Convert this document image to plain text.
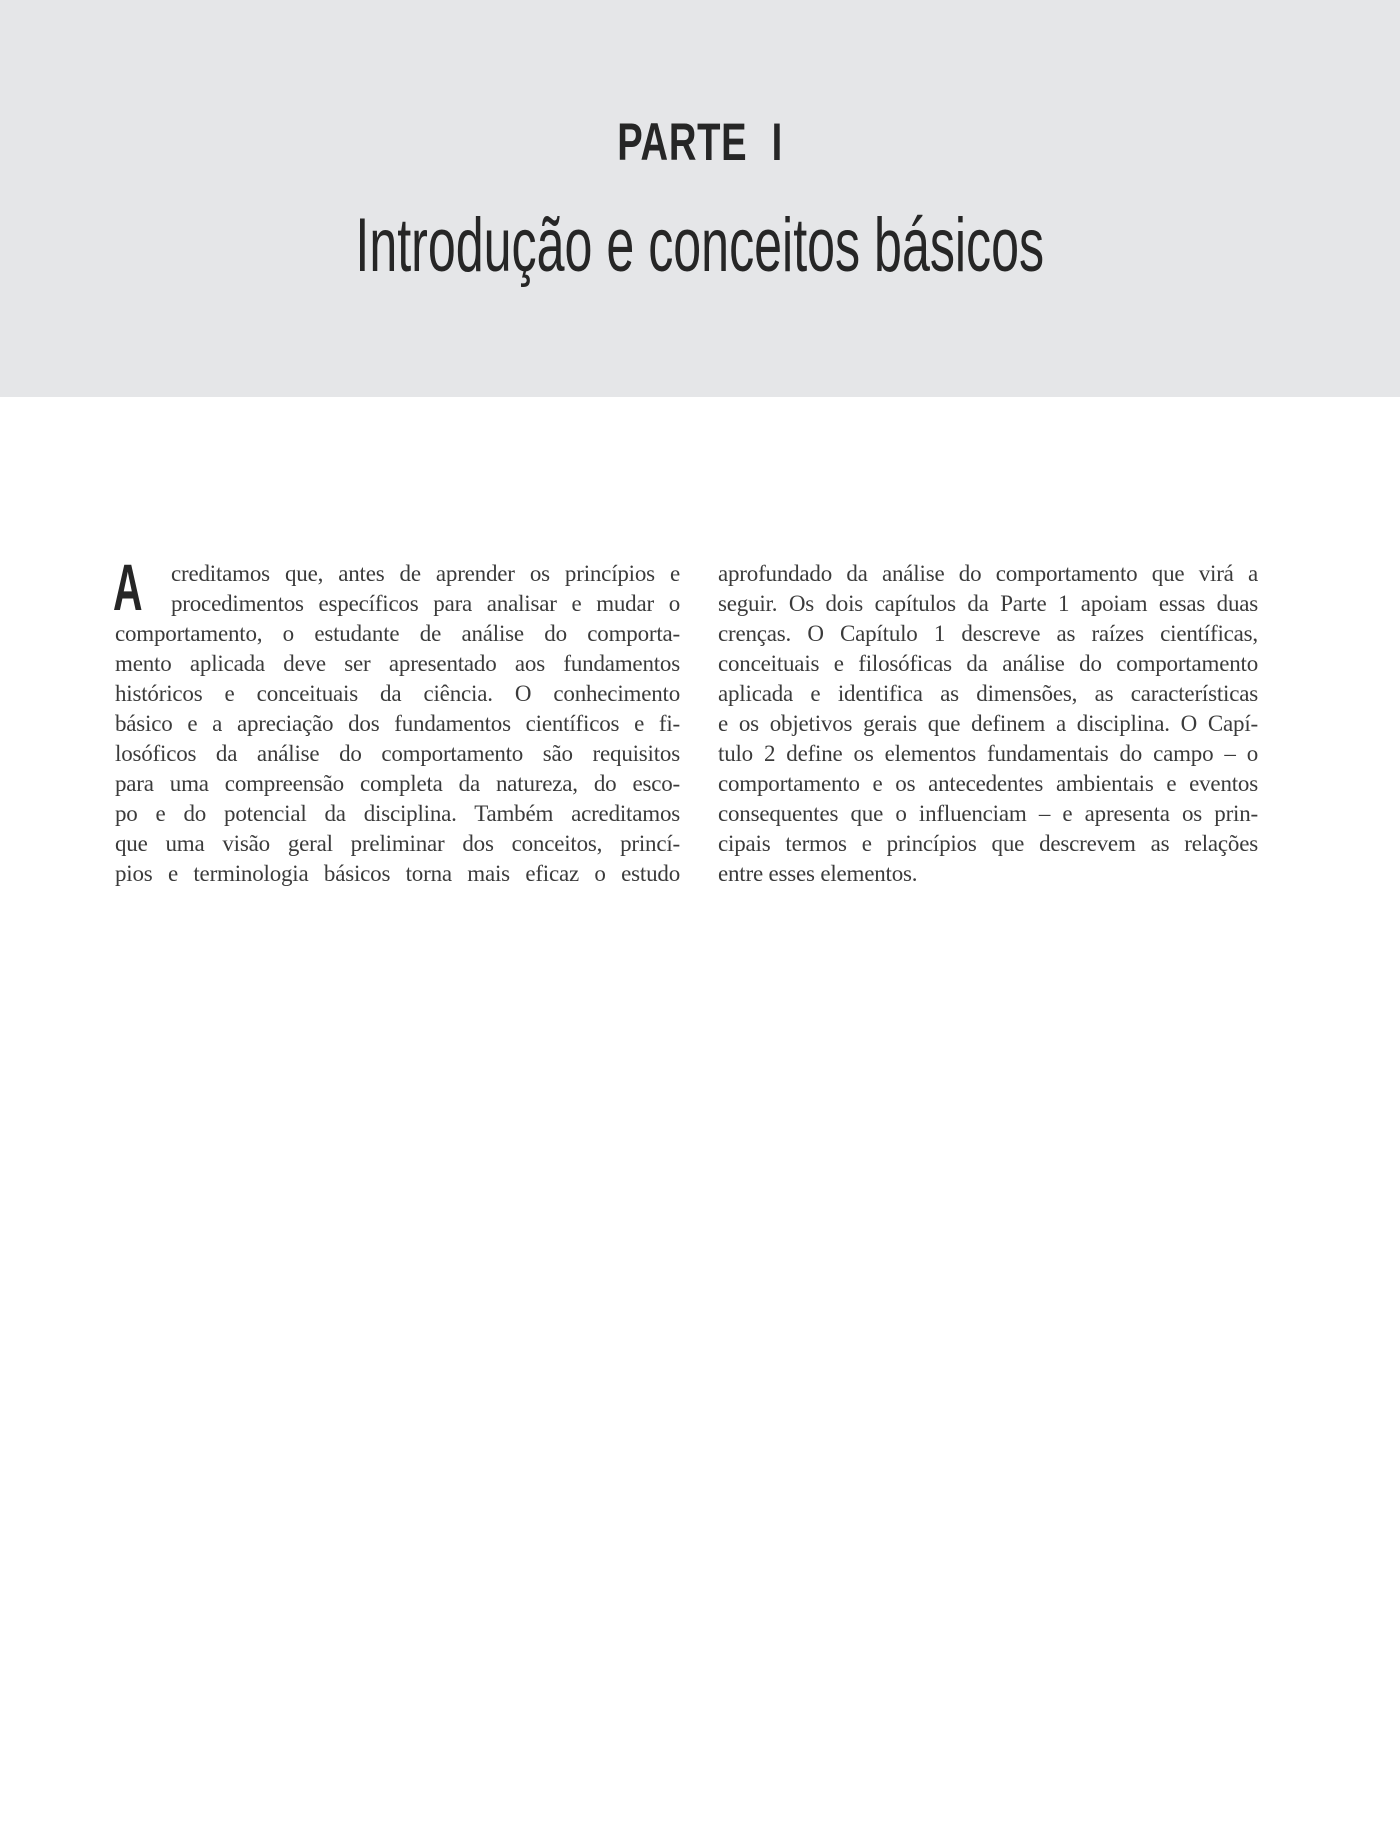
PARTE I
Introdução e conceitos básicos
A	creditamos que, antes de aprender os princípios e
procedimentos específicos para analisar e mudar o
comportamento, o estudante de análise do comporta-
mento aplicada deve ser apresentado aos fundamentos
históricos e conceituais da ciência. O conhecimento
básico e a apreciação dos fundamentos científicos e fi-
losóficos da análise do comportamento são requisitos
para uma compreensão completa da natureza, do esco-
po e do potencial da disciplina. Também acreditamos
que uma visão geral preliminar dos conceitos, princí-
pios e terminologia básicos torna mais eficaz o estudo
aprofundado da análise do comportamento que virá a
seguir. Os dois capítulos da Parte 1 apoiam essas duas
crenças. O Capítulo 1 descreve as raízes científicas,
conceituais e filosóficas da análise do comportamento
aplicada e identifica as dimensões, as características
e os objetivos gerais que definem a disciplina. O Capí-
tulo 2 define os elementos fundamentais do campo – o
comportamento e os antecedentes ambientais e eventos
consequentes que o influenciam – e apresenta os prin-
cipais termos e princípios que descrevem as relações
entre esses elementos.
